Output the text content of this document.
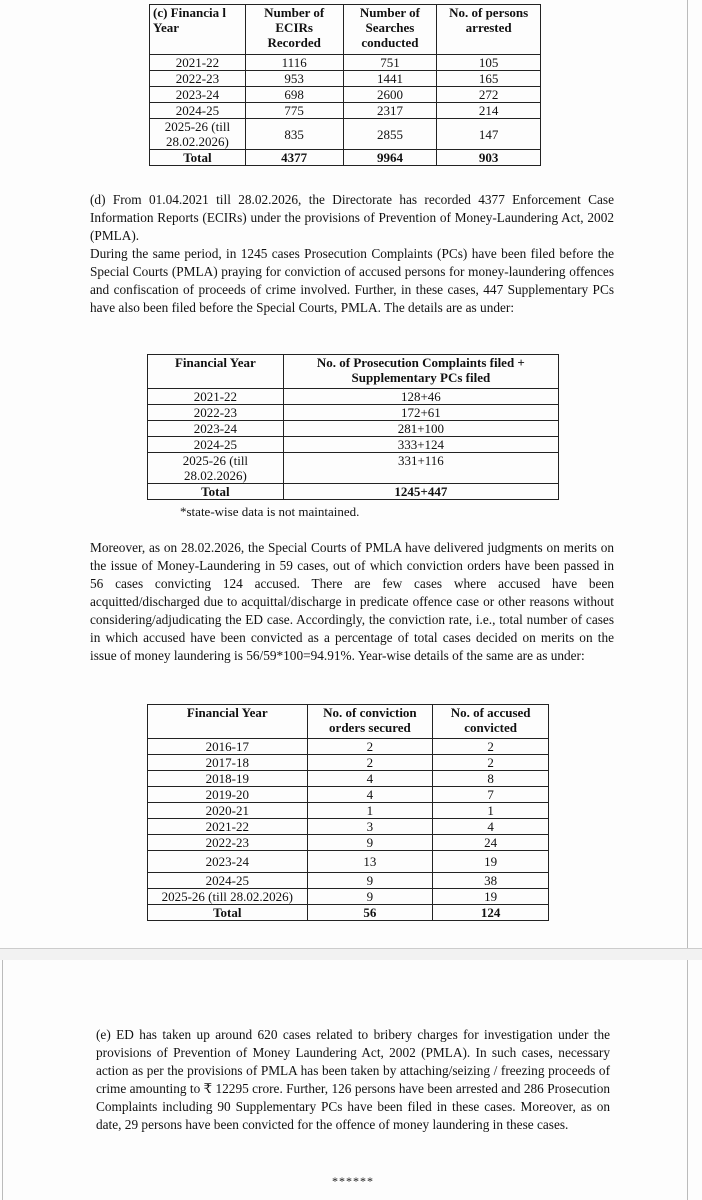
(c) Financia l Year	Number of ECIRs Recorded	Number of Searches conducted	No. of persons arrested
2021-22	1116	751	105
2022-23	953	1441	165
2023-24	698	2600	272
2024-25	775	2317	214
2025-26 (till 28.02.2026)	835	2855	147
Total	4377	9964	903

(d) From 01.04.2021 till 28.02.2026, the Directorate has recorded 4377 Enforcement Case Information Reports (ECIRs) under the provisions of Prevention of Money-Laundering Act, 2002 (PMLA).

During the same period, in 1245 cases Prosecution Complaints (PCs) have been filed before the Special Courts (PMLA) praying for conviction of accused persons for money-laundering offences and confiscation of proceeds of crime involved. Further, in these cases, 447 Supplementary PCs have also been filed before the Special Courts, PMLA. The details are as under:

Financial Year	No. of Prosecution Complaints filed + Supplementary PCs filed
2021-22	128+46
2022-23	172+61
2023-24	281+100
2024-25	333+124
2025-26 (till 28.02.2026)	331+116
Total	1245+447
*state-wise data is not maintained.

Moreover, as on 28.02.2026, the Special Courts of PMLA have delivered judgments on merits on the issue of Money-Laundering in 59 cases, out of which conviction orders have been passed in 56 cases convicting 124 accused. There are few cases where accused have been acquitted/discharged due to acquittal/discharge in predicate offence case or other reasons without considering/adjudicating the ED case. Accordingly, the conviction rate, i.e., total number of cases in which accused have been convicted as a percentage of total cases decided on merits on the issue of money laundering is 56/59*100=94.91%. Year-wise details of the same are as under:

Financial Year	No. of conviction orders secured	No. of accused convicted
2016-17	2	2
2017-18	2	2
2018-19	4	8
2019-20	4	7
2020-21	1	1
2021-22	3	4
2022-23	9	24
2023-24	13	19
2024-25	9	38
2025-26 (till 28.02.2026)	9	19
Total	56	124

(e) ED has taken up around 620 cases related to bribery charges for investigation under the provisions of Prevention of Money Laundering Act, 2002 (PMLA). In such cases, necessary action as per the provisions of PMLA has been taken by attaching/seizing / freezing proceeds of crime amounting to ₹ 12295 crore. Further, 126 persons have been arrested and 286 Prosecution Complaints including 90 Supplementary PCs have been filed in these cases. Moreover, as on date, 29 persons have been convicted for the offence of money laundering in these cases.

******
